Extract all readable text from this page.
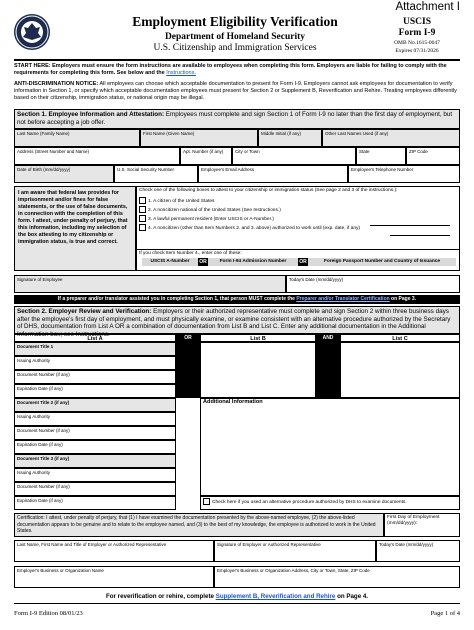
Employment Eligibility Verification
Department of Homeland Security
U.S. Citizenship and Immigration Services
Attachment I
USCIS
Form I-9
OMB No.1615-0047
Expires 07/31/2026
START HERE: Employers must ensure the form instructions are available to employees when completing this form. Employers are liable for failing to comply with the requirements for completing this form. See below and the Instructions.
ANTI-DISCRIMINATION NOTICE: All employees can choose which acceptable documentation to present for Form I-9. Employers cannot ask employees for documentation to verify information in Section 1, or specify which acceptable documentation employees must present for Section 2 or Supplement B, Reverification and Rehire. Treating employees differently based on their citizenship, immigration status, or national origin may be illegal.
Section 1. Employee Information and Attestation: Employees must complete and sign Section 1 of Form I-9 no later than the first day of employment, but not before accepting a job offer.
Last Name (Family Name)	First Name (Given Name)	Middle Initial (if any)	Other Last Names Used (if any)
Address (Street Number and Name)	Apt. Number (if any)	City or Town	State	ZIP Code
Date of Birth (mm/dd/yyyy)	U.S. Social Security Number	Employee's Email Address	Employee's Telephone Number
I am aware that federal law provides for imprisonment and/or fines for false statements, or the use of false documents, in connection with the completion of this form. I attest, under penalty of perjury, that this information, including my selection of the box attesting to my citizenship or immigration status, is true and correct.
Check one of the following boxes to attest to your citizenship or immigration status (See page 2 and 3 of the instructions.):
1. A citizen of the United States
2. A noncitizen national of the United States (See Instructions.)
3. A lawful permanent resident (Enter USCIS or A-Number.)
4. A noncitizen (other than Item Numbers 2. and 3. above) authorized to work until (exp. date, if any)
If you check Item Number 4., enter one of these:
USCIS A-Number	OR	Form I-94 Admission Number	OR	Foreign Passport Number and Country of Issuance
Signature of Employee	Today's Date (mm/dd/yyyy)
If a preparer and/or translator assisted you in completing Section 1, that person MUST complete the Preparer and/or Translator Certification on Page 3.
Section 2. Employer Review and Verification: Employers or their authorized representative must complete and sign Section 2 within three business days after the employee's first day of employment, and must physically examine, or examine consistent with an alternative procedure authorized by the Secretary of DHS, documentation from List A OR a combination of documentation from List B and List C. Enter any additional documentation in the Additional Information box; see Instructions.
List A	OR	List B	AND	List C
Document Title 1
Issuing Authority
Document Number (if any)
Expiration Date (if any)
Document Title 2 (if any)
Issuing Authority
Document Number (if any)
Expiration Date (if any)
Document Title 3 (if any)
Issuing Authority
Document Number (if any)
Expiration Date (if any)
Additional Information
Check here if you used an alternative procedure authorized by DHS to examine documents.
Certification: I attest, under penalty of perjury, that (1) I have examined the documentation presented by the above-named employee, (2) the above-listed documentation appears to be genuine and to relate to the employee named, and (3) to the best of my knowledge, the employee is authorized to work in the United States.
First Day of Employment (mm/dd/yyyy):
Last Name, First Name and Title of Employer or Authorized Representative	Signature of Employer or Authorized Representative	Today's Date (mm/dd/yyyy)
Employer's Business or Organization Name	Employer's Business or Organization Address, City or Town, State, ZIP Code
For reverification or rehire, complete Supplement B, Reverification and Rehire on Page 4.
Form I-9 Edition 08/01/23	Page 1 of 4
